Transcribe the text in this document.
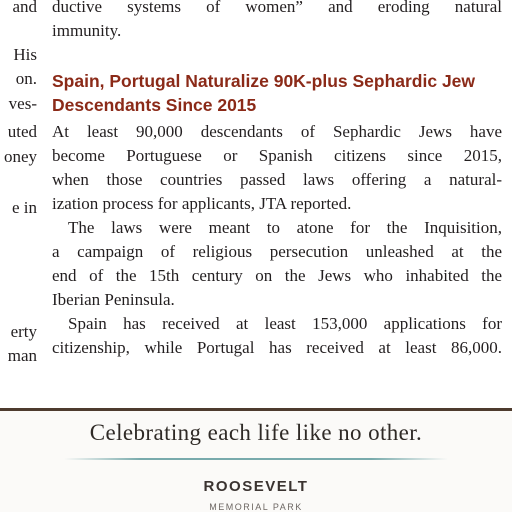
and
His
on.
ves-
uted
oney
e in
erty
man

ductive systems of women” and eroding natural
immunity.

Spain, Portugal Naturalize 90K-plus Sephardic Jew Descendants Since 2015

At least 90,000 descendants of Sephardic Jews have
become Portuguese or Spanish citizens since 2015,
when those countries passed laws offering a natural-
ization process for applicants, JTA reported.

The laws were meant to atone for the Inquisition,
a campaign of religious persecution unleashed at the
end of the 15th century on the Jews who inhabited the
Iberian Peninsula.

Spain has received at least 153,000 applications for
citizenship, while Portugal has received at least 86,000.

Celebrating each life like no other.
ROOSEVELT
MEMORIAL PARK
